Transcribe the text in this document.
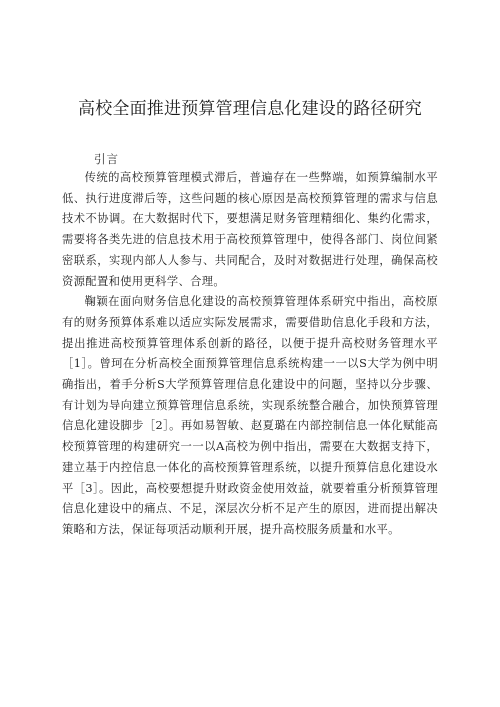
高校全面推进预算管理信息化建设的路径研究
引言

传统的高校预算管理模式滞后，普遍存在一些弊端，如预算编制水平低、执行进度滞后等，这些问题的核心原因是高校预算管理的需求与信息技术不协调。在大数据时代下，要想满足财务管理精细化、集约化需求，需要将各类先进的信息技术用于高校预算管理中，使得各部门、岗位间紧密联系，实现内部人人参与、共同配合，及时对数据进行处理，确保高校资源配置和使用更科学、合理。

鞠颖在面向财务信息化建设的高校预算管理体系研究中指出，高校原有的财务预算体系难以适应实际发展需求，需要借助信息化手段和方法，提出推进高校预算管理体系创新的路径，以便于提升高校财务管理水平［1］。曾珂在分析高校全面预算管理信息系统构建一一以S大学为例中明确指出，着手分析S大学预算管理信息化建设中的问题，坚持以分步骤、有计划为导向建立预算管理信息系统，实现系统整合融合，加快预算管理信息化建设脚步［2］。再如易智敏、赵夏璐在内部控制信息一体化赋能高校预算管理的构建研究一一以A高校为例中指出，需要在大数据支持下，建立基于内控信息一体化的高校预算管理系统，以提升预算信息化建设水平［3］。因此，高校要想提升财政资金使用效益，就要着重分析预算管理信息化建设中的痛点、不足，深层次分析不足产生的原因，进而提出解决策略和方法，保证每项活动顺利开展，提升高校服务质量和水平。
